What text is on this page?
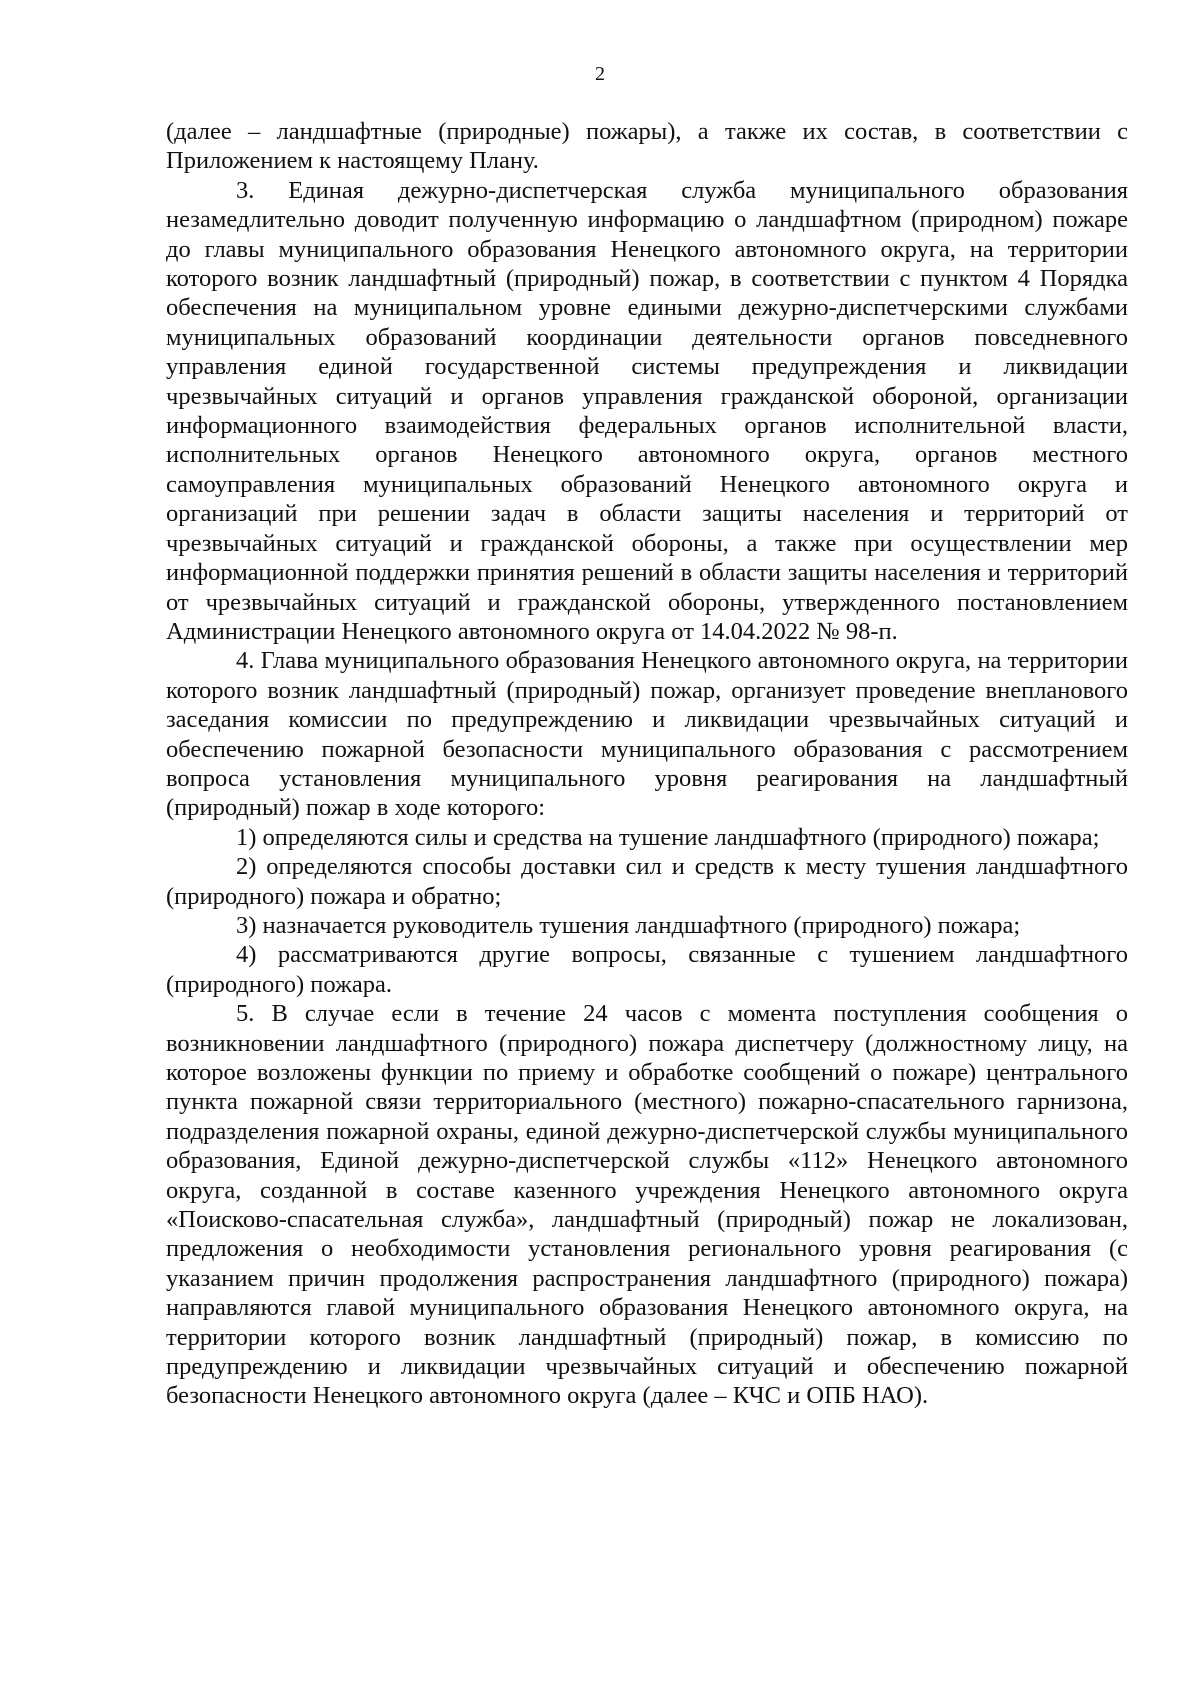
2

(далее – ландшафтные (природные) пожары), а также их состав, в соответствии с Приложением к настоящему Плану.

3. Единая дежурно-диспетчерская служба муниципального образования незамедлительно доводит полученную информацию о ландшафтном (природном) пожаре до главы муниципального образования Ненецкого автономного округа, на территории которого возник ландшафтный (природный) пожар, в соответствии с пунктом 4 Порядка обеспечения на муниципальном уровне едиными дежурно-диспетчерскими службами муниципальных образований координации деятельности органов повседневного управления единой государственной системы предупреждения и ликвидации чрезвычайных ситуаций и органов управления гражданской обороной, организации информационного взаимодействия федеральных органов исполнительной власти, исполнительных органов Ненецкого автономного округа, органов местного самоуправления муниципальных образований Ненецкого автономного округа и организаций при решении задач в области защиты населения и территорий от чрезвычайных ситуаций и гражданской обороны, а также при осуществлении мер информационной поддержки принятия решений в области защиты населения и территорий от чрезвычайных ситуаций и гражданской обороны, утвержденного постановлением Администрации Ненецкого автономного округа от 14.04.2022 № 98-п.

4. Глава муниципального образования Ненецкого автономного округа, на территории которого возник ландшафтный (природный) пожар, организует проведение внепланового заседания комиссии по предупреждению и ликвидации чрезвычайных ситуаций и обеспечению пожарной безопасности муниципального образования с рассмотрением вопроса установления муниципального уровня реагирования на ландшафтный (природный) пожар в ходе которого:

1) определяются силы и средства на тушение ландшафтного (природного) пожара;

2) определяются способы доставки сил и средств к месту тушения ландшафтного (природного) пожара и обратно;

3) назначается руководитель тушения ландшафтного (природного) пожара;

4) рассматриваются другие вопросы, связанные с тушением ландшафтного (природного) пожара.

5. В случае если в течение 24 часов с момента поступления сообщения о возникновении ландшафтного (природного) пожара диспетчеру (должностному лицу, на которое возложены функции по приему и обработке сообщений о пожаре) центрального пункта пожарной связи территориального (местного) пожарно-спасательного гарнизона, подразделения пожарной охраны, единой дежурно-диспетчерской службы муниципального образования, Единой дежурно-диспетчерской службы «112» Ненецкого автономного округа, созданной в составе казенного учреждения Ненецкого автономного округа «Поисково-спасательная служба», ландшафтный (природный) пожар не локализован, предложения о необходимости установления регионального уровня реагирования (с указанием причин продолжения распространения ландшафтного (природного) пожара) направляются главой муниципального образования Ненецкого автономного округа, на территории которого возник ландшафтный (природный) пожар, в комиссию по предупреждению и ликвидации чрезвычайных ситуаций и обеспечению пожарной безопасности Ненецкого автономного округа (далее – КЧС и ОПБ НАО).
